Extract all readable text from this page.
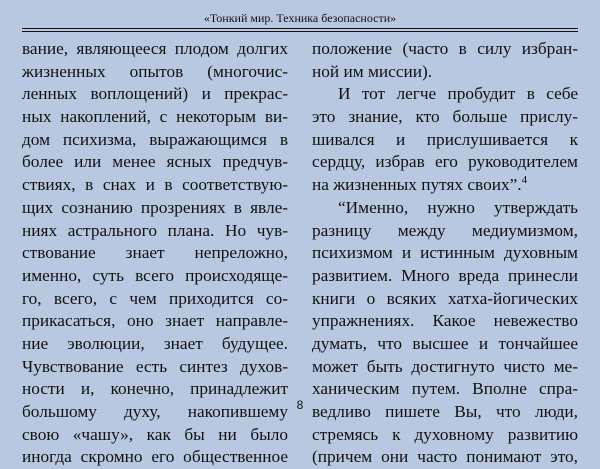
«Тонкий мир. Техника безопасности»
вание, являющееся плодом долгих
жизненных опытов (многочис-
ленных воплощений) и прекрас-
ных накоплений, с некоторым ви-
дом психизма, выражающимся в
более или менее ясных предчув-
ствиях, в снах и в соответствую-
щих сознанию прозрениях в явле-
ниях астрального плана. Но чув-
ствование знает непреложно,
именно, суть всего происходяще-
го, всего, с чем приходится со-
прикасаться, оно знает направле-
ние эволюции, знает будущее.
Чувствование есть синтез духов-
ности и, конечно, принадлежит
большому духу, накопившему
свою «чашу», как бы ни было
иногда скромно его общественное
положение (часто в силу избран-
ной им миссии).
И тот легче пробудит в себе
это знание, кто больше прислу-
шивался и прислушивается к
сердцу, избрав его руководителем
на жизненных путях своих”.$^4$
“Именно, нужно утверждать
разницу между медиумизмом,
психизмом и истинным духовным
развитием. Много вреда принесли
книги о всяких хатха-йогических
упражнениях. Какое невежество
думать, что высшее и тончайшее
может быть достигнуто чисто ме-
ханическим путем. Вполне спра-
ведливо пишете Вы, что люди,
стремясь к духовному развитию
(причем они часто понимают это,
8
